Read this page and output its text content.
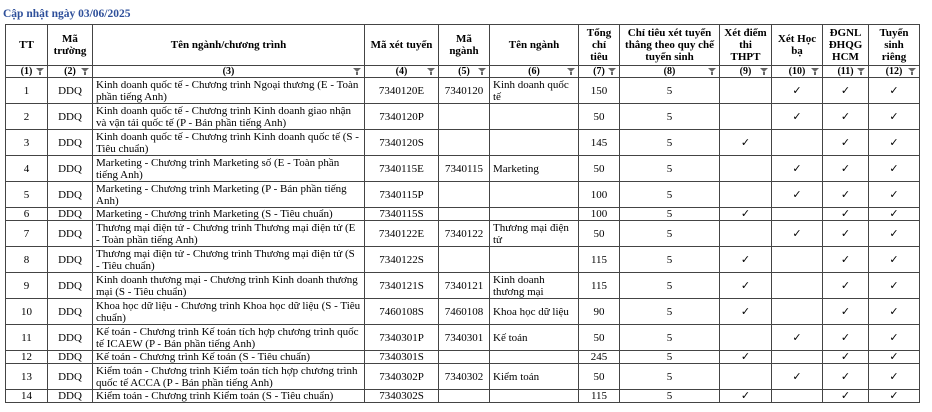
Cập nhật ngày 03/06/2025
TT	Mã trường	Tên ngành/chương trình	Mã xét tuyển	Mã ngành	Tên ngành	Tổng chỉ tiêu	Chỉ tiêu xét tuyển thẳng theo quy chế tuyển sinh	Xét điểm thi THPT	Xét Học bạ	ĐGNL ĐHQG HCM	Tuyển sinh riêng
(1)	(2)	(3)	(4)	(5)	(6)	(7)	(8)	(9)	(10)	(11)	(12)

1	DDQ	Kinh doanh quốc tế - Chương trình Ngoại thương (E - Toàn phần tiếng Anh)	7340120E	7340120	Kinh doanh quốc tế	150	5		✓	✓	✓
2	DDQ	Kinh doanh quốc tế - Chương trình Kinh doanh giao nhận và vận tải quốc tế (P - Bán phần tiếng Anh)	7340120P			50	5		✓	✓	✓
3	DDQ	Kinh doanh quốc tế - Chương trình Kinh doanh quốc tế (S - Tiêu chuẩn)	7340120S			145	5	✓		✓	✓
4	DDQ	Marketing - Chương trình Marketing số (E - Toàn phần tiếng Anh)	7340115E	7340115	Marketing	50	5		✓	✓	✓
5	DDQ	Marketing - Chương trình Marketing (P - Bán phần tiếng Anh)	7340115P			100	5		✓	✓	✓
6	DDQ	Marketing - Chương trình Marketing (S - Tiêu chuẩn)	7340115S			100	5	✓		✓	✓
7	DDQ	Thương mại điện tử - Chương trình Thương mại điện tử (E - Toàn phần tiếng Anh)	7340122E	7340122	Thương mại điện tử	50	5		✓	✓	✓
8	DDQ	Thương mại điện tử - Chương trình Thương mại điện tử (S - Tiêu chuẩn)	7340122S			115	5	✓		✓	✓
9	DDQ	Kinh doanh thương mại - Chương trình Kinh doanh thương mại (S - Tiêu chuẩn)	7340121S	7340121	Kinh doanh thương mại	115	5	✓		✓	✓
10	DDQ	Khoa học dữ liệu - Chương trình Khoa học dữ liệu (S - Tiêu chuẩn)	7460108S	7460108	Khoa học dữ liệu	90	5	✓		✓	✓
11	DDQ	Kế toán - Chương trình Kế toán tích hợp chương trình quốc tế ICAEW (P - Bán phần tiếng Anh)	7340301P	7340301	Kế toán	50	5		✓	✓	✓
12	DDQ	Kế toán - Chương trình Kế toán (S - Tiêu chuẩn)	7340301S			245	5	✓		✓	✓
13	DDQ	Kiểm toán - Chương trình Kiểm toán tích hợp chương trình quốc tế ACCA (P - Bán phần tiếng Anh)	7340302P	7340302	Kiểm toán	50	5		✓	✓	✓
14	DDQ	Kiểm toán - Chương trình Kiểm toán (S - Tiêu chuẩn)	7340302S			115	5	✓		✓	✓
